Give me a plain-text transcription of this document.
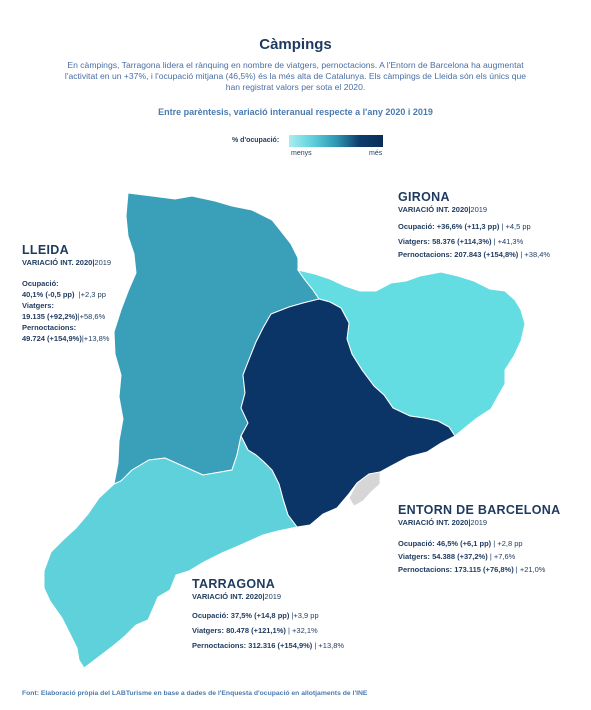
Càmpings
En càmpings, Tarragona lidera el rànquing en nombre de viatgers, pernoctacions. A l'Entorn de Barcelona ha augmentat l'activitat en un +37%, i l'ocupació mitjana (46,5%) és la més alta de Catalunya. Els càmpings de Lleida són els únics que han registrat valors per sota el 2020.
Entre parèntesis, variació interanual respecte a l'any 2020 i 2019
% d'ocupació:
menys	més
LLEIDA
VARIACIÓ INT. 2020|2019
Ocupació:
40,1% (-0,5 pp)  |+2,3 pp
Viatgers:
19.135 (+92,2%)|+58,6%
Pernoctacions:
49.724 (+154,9%)|+13,8%
GIRONA
VARIACIÓ INT. 2020|2019
Ocupació: +36,6% (+11,3 pp) | +4,5 pp
Viatgers: 58.376 (+114,3%) | +41,3%
Pernoctacions: 207.843 (+154,8%) | +38,4%
ENTORN DE BARCELONA
VARIACIÓ INT. 2020|2019
Ocupació: 46,5% (+6,1 pp) | +2,8 pp
Viatgers: 54.388 (+37,2%) | +7,6%
Pernoctacions: 173.115 (+76,8%) | +21,0%
TARRAGONA
VARIACIÓ INT. 2020|2019
Ocupació: 37,5% (+14,8 pp) |+3,9 pp
Viatgers: 80.478 (+121,1%) | +32,1%
Pernoctacions: 312.316 (+154,9%) | +13,8%
Font: Elaboració pròpia del LABTurisme en base a dades de l'Enquesta d'ocupació en allotjaments de l'INE
